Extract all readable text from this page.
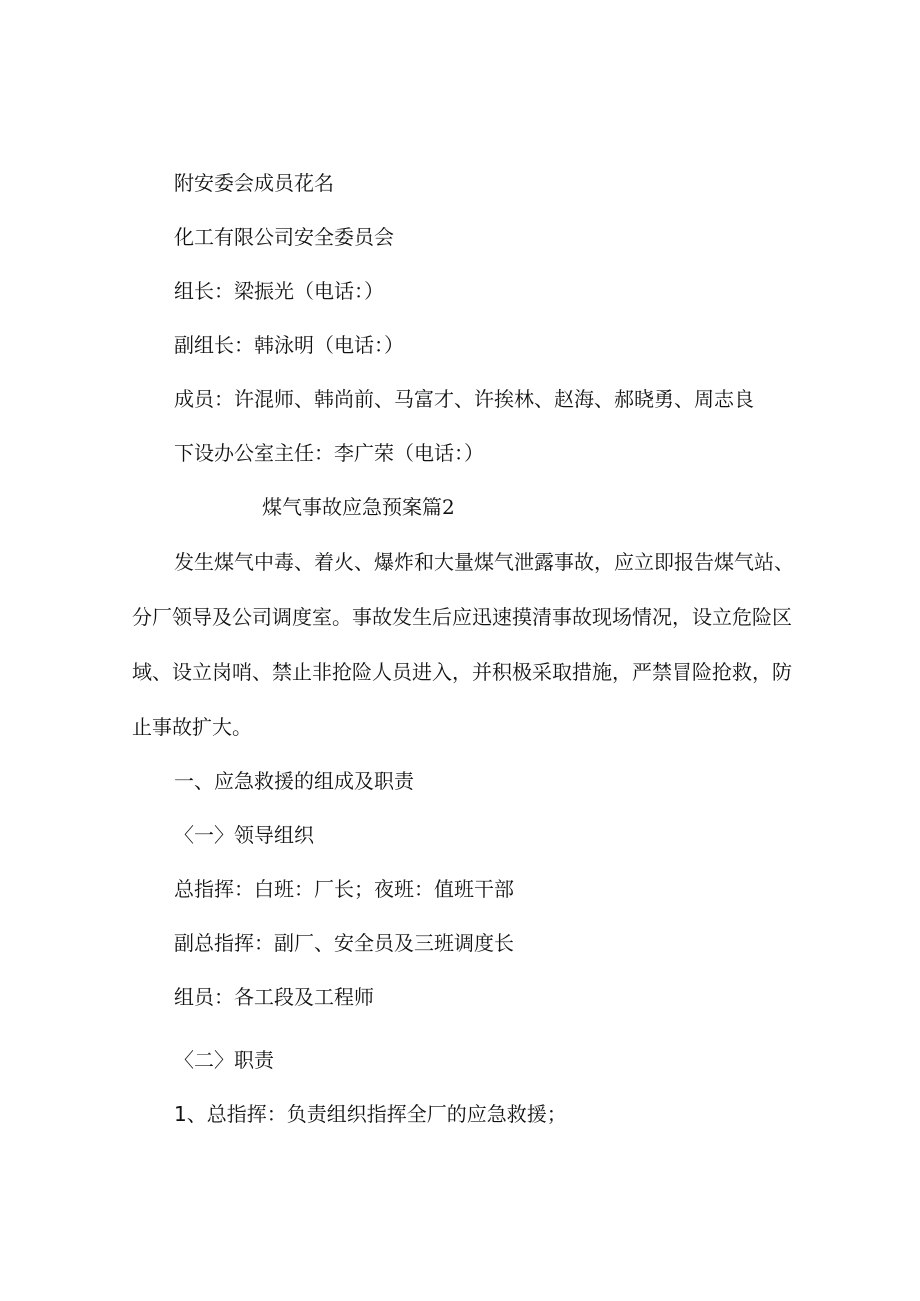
附安委会成员花名
化工有限公司安全委员会
组长：梁振光（电话：）
副组长：韩泳明（电话：）
成员：许混师、韩尚前、马富才、许挨林、赵海、郝晓勇、周志良
下设办公室主任：李广荣（电话：）
煤气事故应急预案篇2
发生煤气中毒、着火、爆炸和大量煤气泄露事故，应立即报告煤气站、
分厂领导及公司调度室。事故发生后应迅速摸清事故现场情况，设立危险区
域、设立岗哨、禁止非抢险人员进入，并积极采取措施，严禁冒险抢救，防
止事故扩大。
一、应急救援的组成及职责
〈一〉领导组织
总指挥：白班：厂长；夜班：值班干部
副总指挥：副厂、安全员及三班调度长
组员：各工段及工程师
〈二〉职责
1、总指挥：负责组织指挥全厂的应急救援；
